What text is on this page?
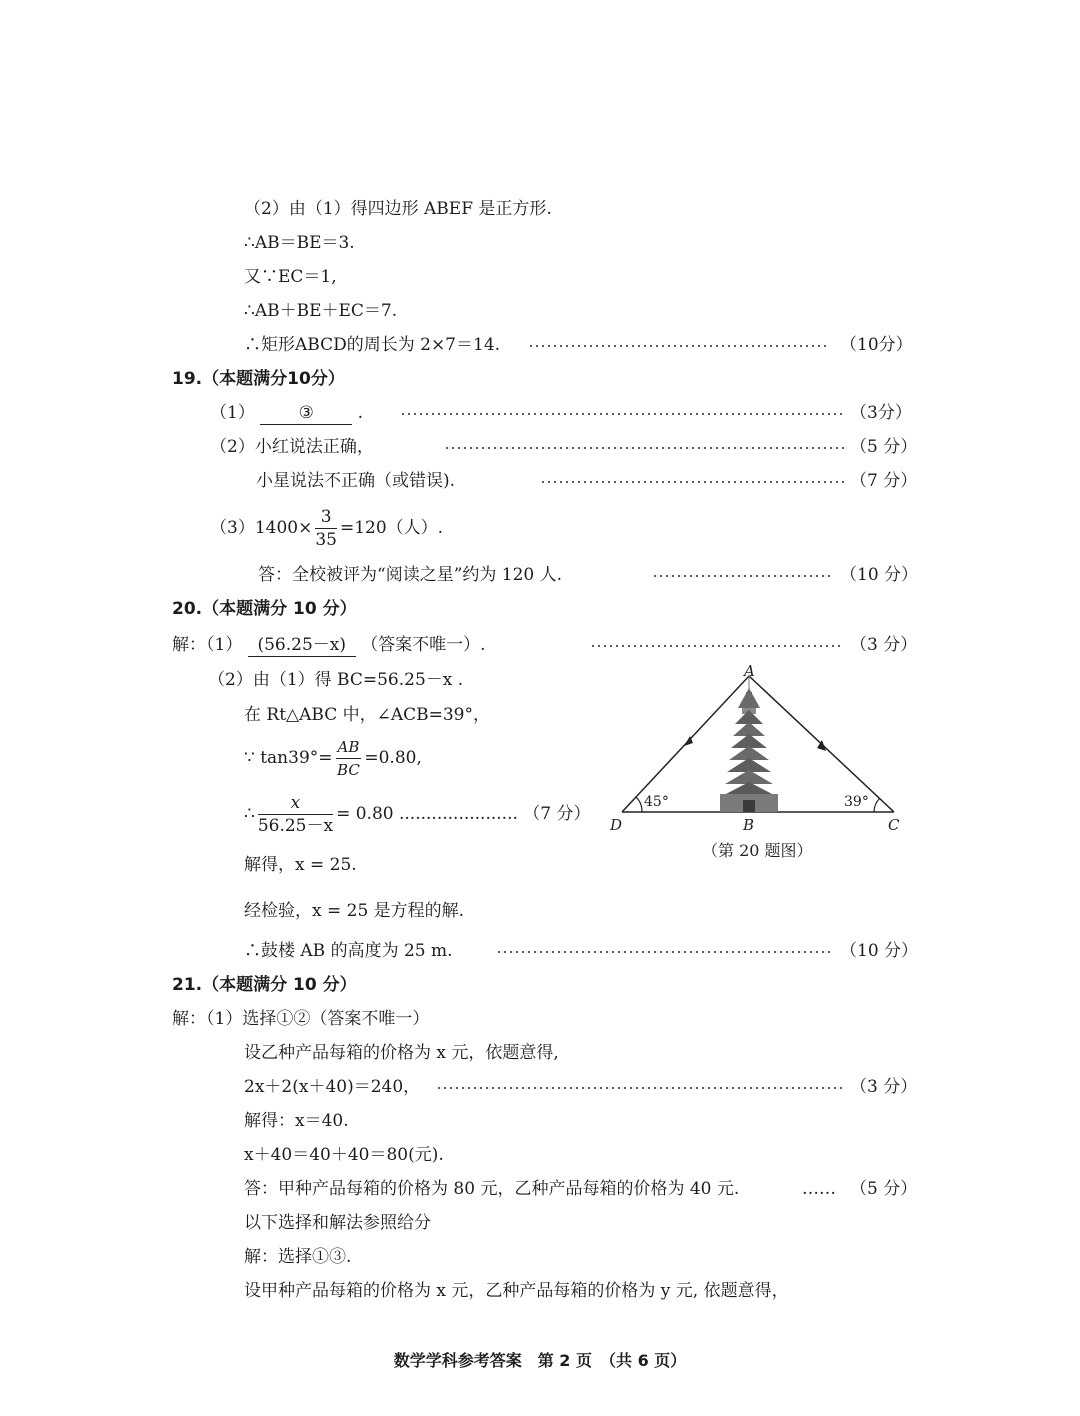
（2）由（1）得四边形 ABEF 是正方形.
∴AB＝BE＝3.
又∵EC＝1,
∴AB＋BE＋EC＝7.
∴矩形ABCD的周长为 2×7＝14.	（10分）
19.（本题满分10分）
（1）	③	.	（3分）
（2）小红说法正确，	（5 分）
小星说法不正确（或错误).	（7 分）
$(3)1400\times \frac{3}{35} =120$（人）.
答：全校被评为“阅读之星”约为 120 人.	（10 分）
20.（本题满分 10 分）
解：（1） (56.25－x) （答案不唯一）.	（3 分）
（2）由（1）得 BC=56.25－x .
在 Rt△ABC 中，∠ACB=39°，
∵ $\tan 39^\circ= \frac{AB}{BC} =0.80$,
∴ $\frac{x}{56.25-x} = 0.80$ ...................... （7 分）
解得，x = 25.
经检验，x = 25 是方程的解.
∴鼓楼 AB 的高度为 25 m.	（10 分）
A
D	B	C
45°	39°
（第 20 题图）
21.（本题满分 10 分）
解：（1）选择①②（答案不唯一）
设乙种产品每箱的价格为 x 元，依题意得,
2x＋2(x＋40)＝240，	（3 分）
解得：x＝40.
x＋40＝40＋40＝80(元).
答：甲种产品每箱的价格为 80 元，乙种产品每箱的价格为 40 元.	…… （5 分）
以下选择和解法参照给分
解：选择①③.
设甲种产品每箱的价格为 x 元，乙种产品每箱的价格为 y 元, 依题意得，
数学学科参考答案　第 2 页　（共 6 页）
